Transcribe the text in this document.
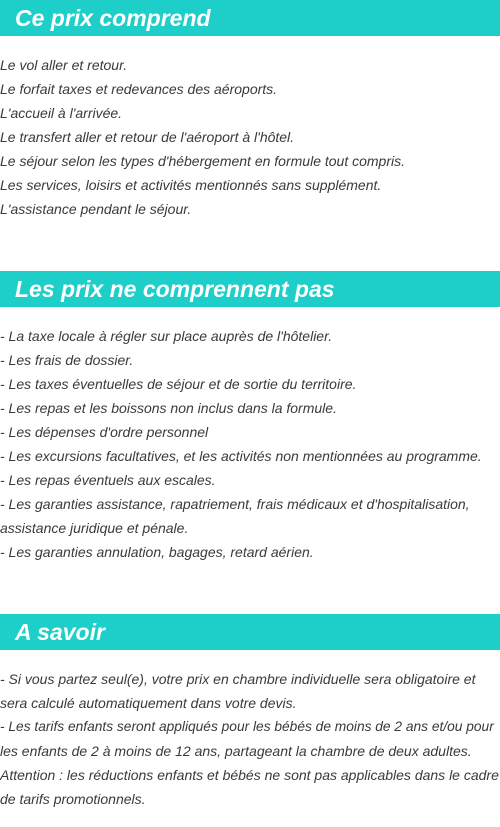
Ce prix comprend
Le vol aller et retour.
Le forfait taxes et redevances des aéroports.
L'accueil à l'arrivée.
Le transfert aller et retour de l'aéroport à l'hôtel.
Le séjour selon les types d'hébergement en formule tout compris.
Les services, loisirs et activités mentionnés sans supplément.
L'assistance pendant le séjour.
Les prix ne comprennent pas
- La taxe locale à régler sur place auprès de l'hôtelier.
- Les frais de dossier.
- Les taxes éventuelles de séjour et de sortie du territoire.
- Les repas et les boissons non inclus dans la formule.
- Les dépenses d'ordre personnel
- Les excursions facultatives, et les activités non mentionnées au programme.
- Les repas éventuels aux escales.
- Les garanties assistance, rapatriement, frais médicaux et d'hospitalisation,
assistance juridique et pénale.
- Les garanties annulation, bagages, retard aérien.
A savoir
- Si vous partez seul(e), votre prix en chambre individuelle sera obligatoire et
sera calculé automatiquement dans votre devis.
- Les tarifs enfants seront appliqués pour les bébés de moins de 2 ans et/ou pour
les enfants de 2 à moins de 12 ans, partageant la chambre de deux adultes.
Attention : les réductions enfants et bébés ne sont pas applicables dans le cadre
de tarifs promotionnels.
